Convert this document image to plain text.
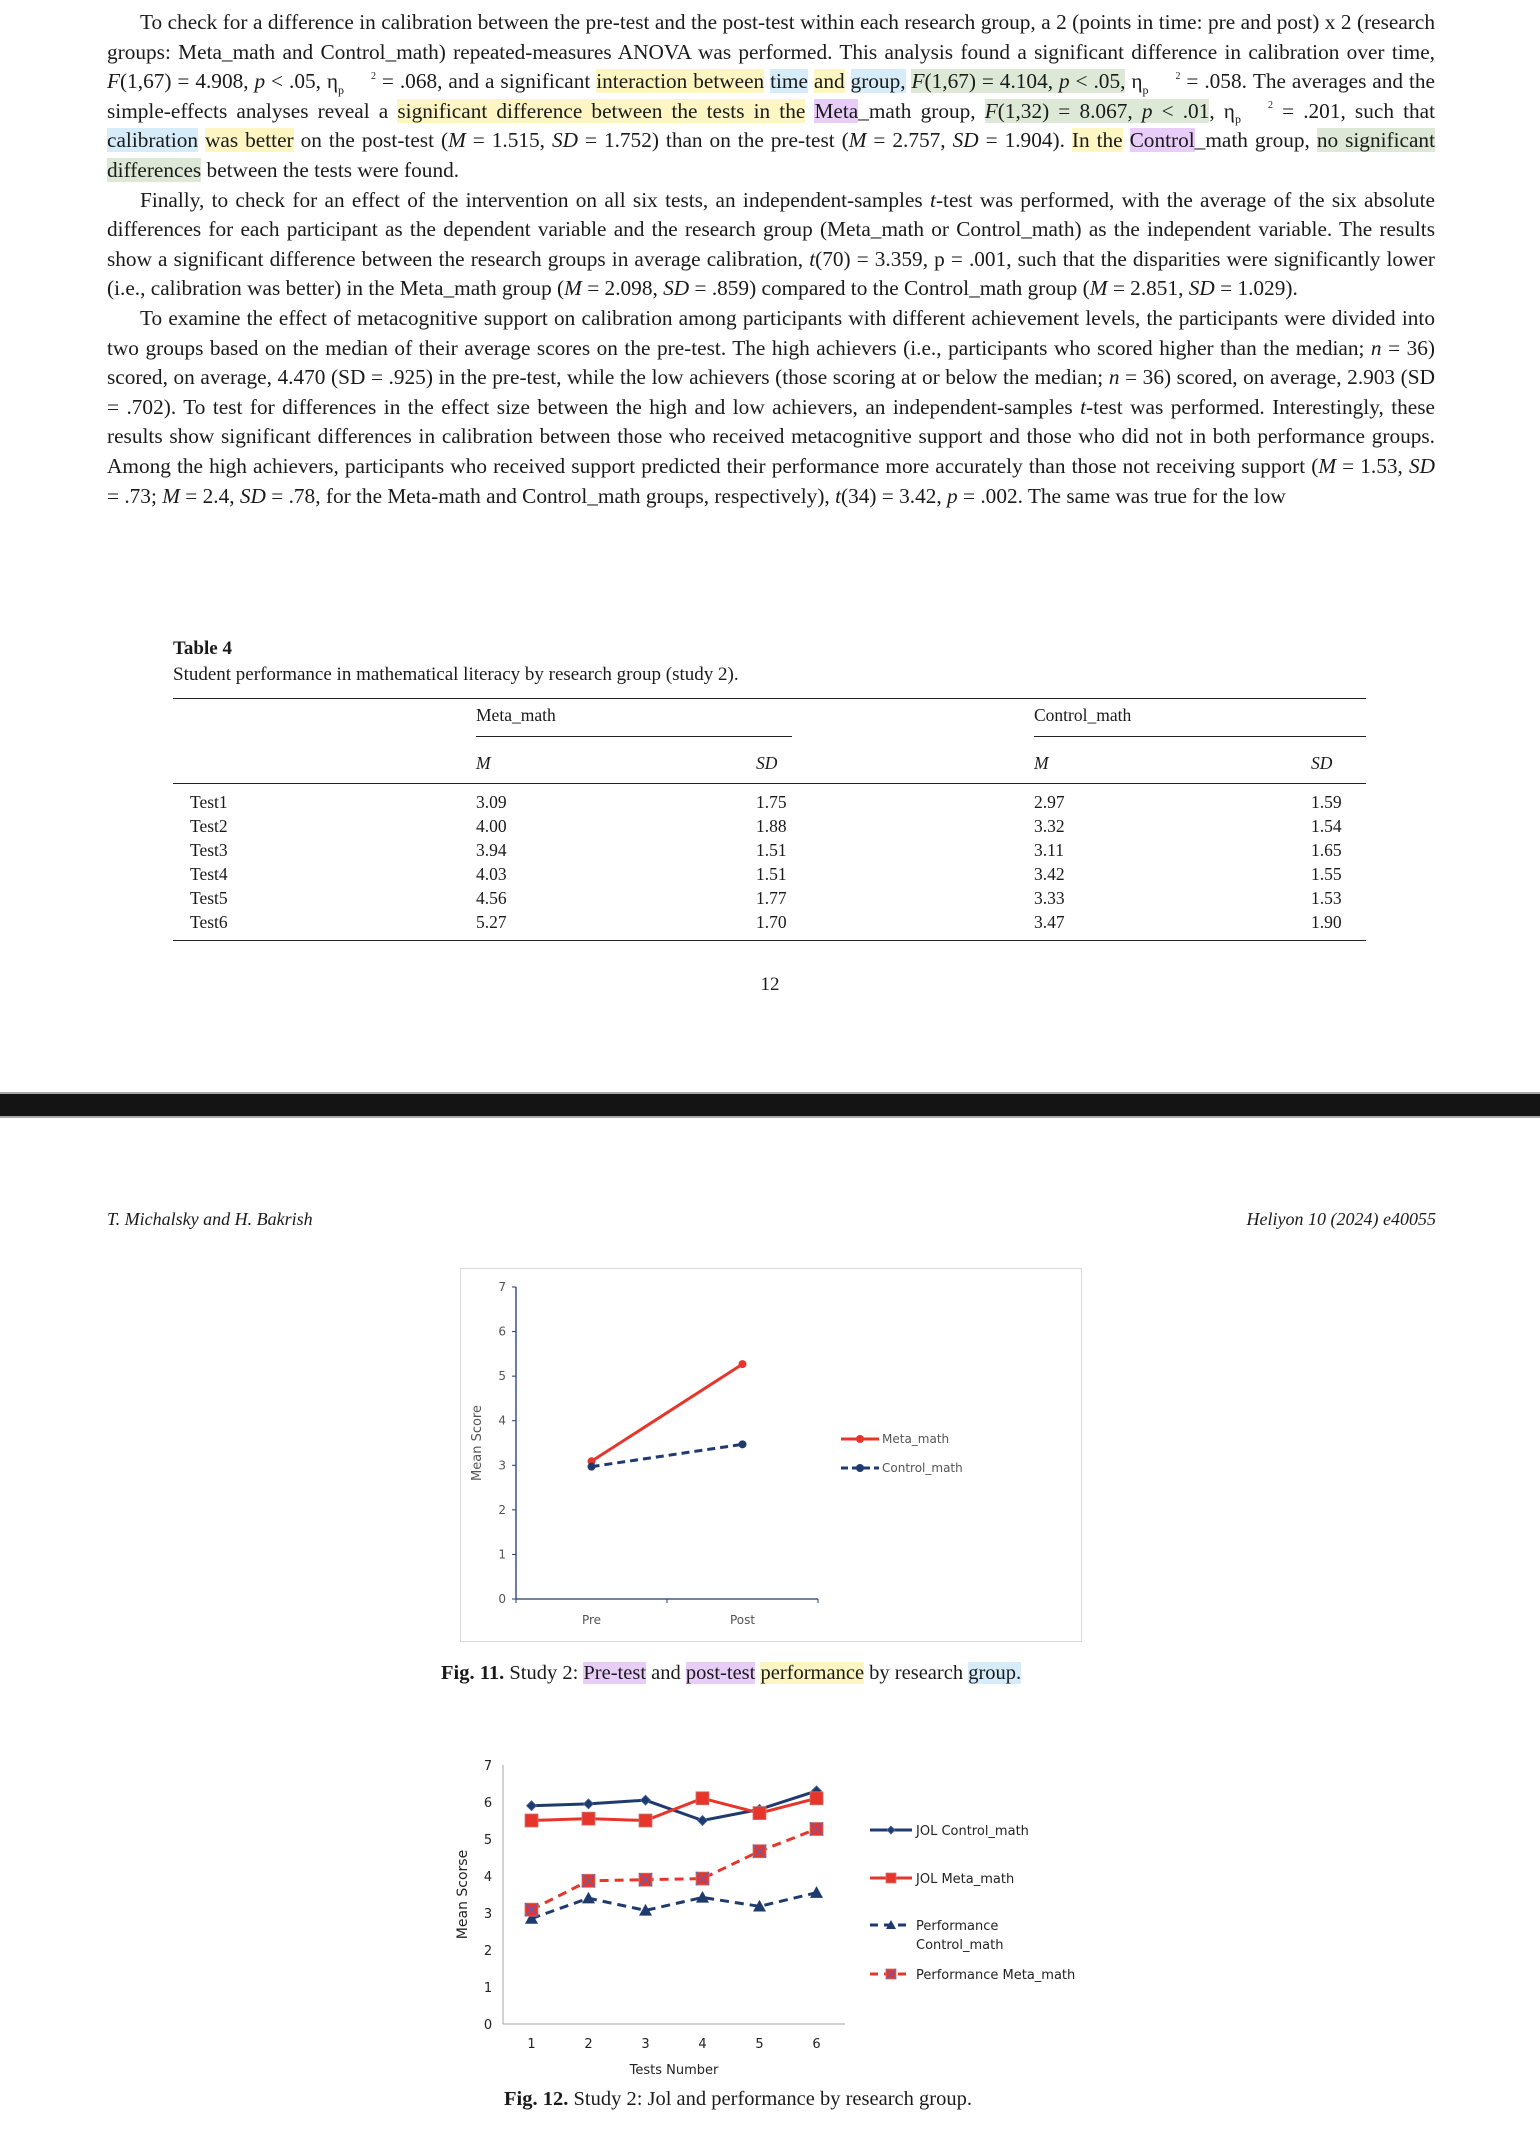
To check for a difference in calibration between the pre-test and the post-test within each research group, a 2 (points in time: pre and post) x 2 (research groups: Meta_math and Control_math) repeated-measures ANOVA was performed. This analysis found a significant difference in calibration over time, F(1,67) = 4.908, p < .05, η	$^2$
p = .068, and a significant interaction between time and group, F(1,67) = 4.104, p < .05, η	$^2$
p = .058. The averages and the simple-effects analyses reveal a significant difference between the tests in the Meta_math group, F(1,32) = 8.067, p < .01, η	$^2$
p = .201, such that calibration was better on the post-test (M = 1.515, SD = 1.752) than on the pre-test (M = 2.757, SD = 1.904). In the Control_math group, no significant differences between the tests were found.

Finally, to check for an effect of the intervention on all six tests, an independent-samples t-test was performed, with the average of the six absolute differences for each participant as the dependent variable and the research group (Meta_math or Control_math) as the independent variable. The results show a significant difference between the research groups in average calibration, t(70) = 3.359, p = .001, such that the disparities were significantly lower (i.e., calibration was better) in the Meta_math group (M = 2.098, SD = .859) compared to the Control_math group (M = 2.851, SD = 1.029).

To examine the effect of metacognitive support on calibration among participants with different achievement levels, the participants were divided into two groups based on the median of their average scores on the pre-test. The high achievers (i.e., participants who scored higher than the median; n = 36) scored, on average, 4.470 (SD = .925) in the pre-test, while the low achievers (those scoring at or below the median; n = 36) scored, on average, 2.903 (SD = .702). To test for differences in the effect size between the high and low achievers, an independent-samples t-test was performed. Interestingly, these results show significant differences in calibration between those who received metacognitive support and those who did not in both performance groups. Among the high achievers, participants who received support predicted their performance more accurately than those not receiving support (M = 1.53, SD = .73; M = 2.4, SD = .78, for the Meta-math and Control_math groups, respectively), t(34) = 3.42, p = .002. The same was true for the low

Table 4

Student performance in mathematical literacy by research group (study 2).

	Meta_math		Control_math	

	M	SD	M	SD
Test1	3.09	1.75	2.97	1.59
Test2	4.00	1.88	3.32	1.54
Test3	3.94	1.51	3.11	1.65
Test4	4.03	1.51	3.42	1.55
Test5	4.56	1.77	3.33	1.53
Test6	5.27	1.70	3.47	1.90
12
T. Michalsky and H. Bakrish	Heliyon 10 (2024) e40055
0
1
2
3
4
5
6
7
Pre	Post
Mean Score	Meta_math
Control_math
Fig. 11. Study 2: Pre-test and post-test performance by research group.
0
1
2
3
4
5
6
7
1	2	3	4	5	6
Tests Number
Mean Scorse
JOL Control_math
JOL Meta_math
Performance
Control_math
Performance Meta_math
Fig. 12. Study 2: Jol and performance by research group.
